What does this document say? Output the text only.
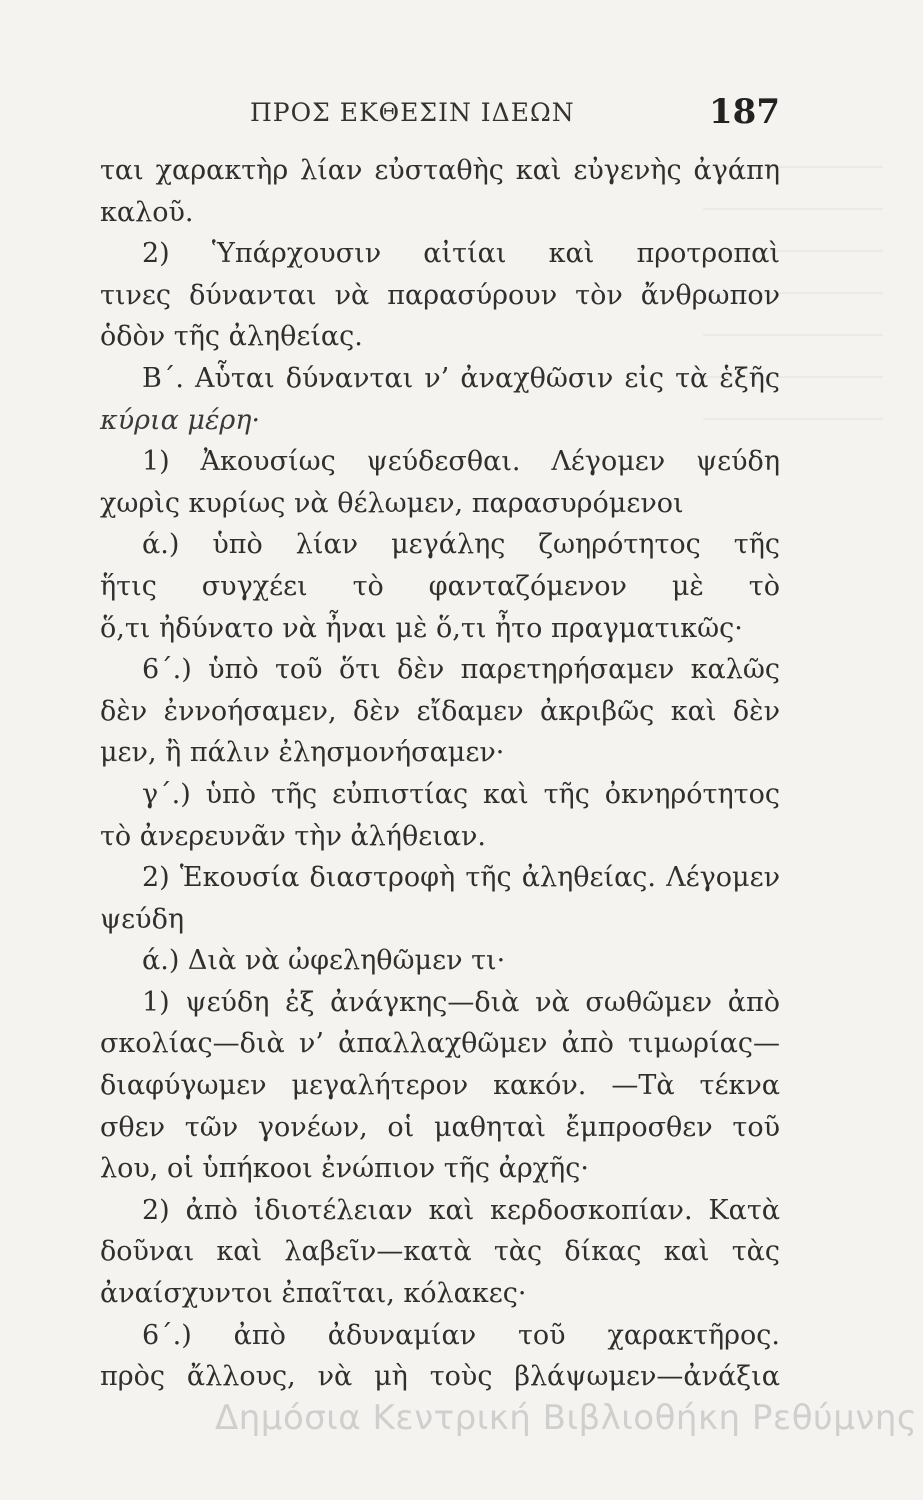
ΠΡΟΣ ΕΚΘΕΣΙΝ ΙΔΕΩΝ	187
ται χαρακτὴρ λίαν εὐσταθὴς καὶ εὐγενὴς ἀγάπη
καλοῦ.
2) Ὑπάρχουσιν αἰτίαι καὶ προτροπαὶ
τινες δύνανται νὰ παρασύρουν τὸν ἄνθρωπον
ὁδὸν τῆς ἀληθείας.
Β΄. Αὗται δύνανται ν’ ἀναχθῶσιν εἰς τὰ ἑξῆς
κύρια μέρη·
1) Ἀκουσίως ψεύδεσθαι. Λέγομεν ψεύδη
χωρὶς κυρίως νὰ θέλωμεν, παρασυρόμενοι
ά.) ὑπὸ λίαν μεγάλης ζωηρότητος τῆς
ἥτις συγχέει τὸ φανταζόμενον μὲ τὸ
ὅ,τι ἠδύνατο νὰ ἦναι μὲ ὅ,τι ἦτο πραγματικῶς·
6΄.) ὑπὸ τοῦ ὅτι δὲν παρετηρήσαμεν καλῶς
δὲν ἐννοήσαμεν, δὲν εἴδαμεν ἀκριβῶς καὶ δὲν
μεν, ἢ πάλιν ἐλησμονήσαμεν·
γ΄.) ὑπὸ τῆς εὐπιστίας καὶ τῆς ὀκνηρότητος
τὸ ἀνερευνᾶν τὴν ἀλήθειαν.
2) Ἑκουσία διαστροφὴ τῆς ἀληθείας. Λέγομεν
ψεύδη
ά.) Διὰ νὰ ὠφεληθῶμεν τι·
1) ψεύδη ἐξ ἀνάγκης—διὰ νὰ σωθῶμεν ἀπὸ
σκολίας—διὰ ν’ ἀπαλλαχθῶμεν ἀπὸ τιμωρίας—
διαφύγωμεν μεγαλήτερον κακόν. —Τὰ τέκνα
σθεν τῶν γονέων, οἱ μαθηταὶ ἔμπροσθεν τοῦ
λου, οἱ ὑπήκοοι ἐνώπιον τῆς ἀρχῆς·
2) ἀπὸ ἰδιοτέλειαν καὶ κερδοσκοπίαν. Κατὰ
δοῦναι καὶ λαβεῖν—κατὰ τὰς δίκας καὶ τὰς
ἀναίσχυντοι ἐπαῖται, κόλακες·
6΄.) ἀπὸ ἀδυναμίαν τοῦ χαρακτῆρος.
πρὸς ἄλλους, νὰ μὴ τοὺς βλάψωμεν—ἀνάξια
Δημόσια Κεντρική Βιβλιοθήκη Ρεθύμνης
